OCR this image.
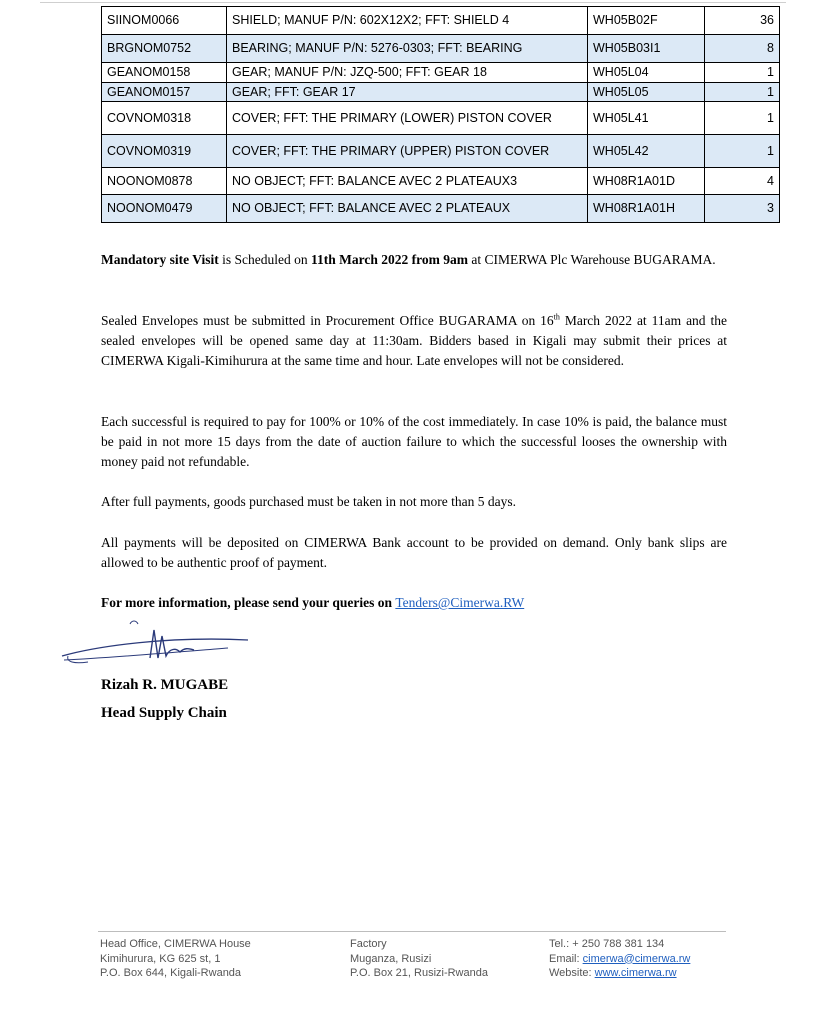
SIINOM0066	SHIELD; MANUF P/N: 602X12X2; FFT: SHIELD 4	WH05B02F	36
BRGNOM0752	BEARING; MANUF P/N: 5276-0303; FFT: BEARING	WH05B03I1	8
GEANOM0158	GEAR; MANUF P/N: JZQ-500; FFT: GEAR 18	WH05L04	1
GEANOM0157	GEAR; FFT: GEAR 17	WH05L05	1
COVNOM0318	COVER; FFT: THE PRIMARY (LOWER) PISTON COVER	WH05L41	1
COVNOM0319	COVER; FFT: THE PRIMARY (UPPER) PISTON COVER	WH05L42	1
NOONOM0878	NO OBJECT; FFT: BALANCE AVEC 2 PLATEAUX3	WH08R1A01D	4
NOONOM0479	NO OBJECT; FFT: BALANCE AVEC 2 PLATEAUX	WH08R1A01H	3

Mandatory site Visit is Scheduled on 11th March 2022 from 9am at CIMERWA Plc Warehouse BUGARAMA.

Sealed Envelopes must be submitted in Procurement Office BUGARAMA on 16th March 2022 at 11am and the sealed envelopes will be opened same day at 11:30am. Bidders based in Kigali may submit their prices at CIMERWA Kigali-Kimihurura at the same time and hour. Late envelopes will not be considered.

Each successful is required to pay for 100% or 10% of the cost immediately. In case 10% is paid, the balance must be paid in not more 15 days from the date of auction failure to which the successful looses the ownership with money paid not refundable.

After full payments, goods purchased must be taken in not more than 5 days.

All payments will be deposited on CIMERWA Bank account to be provided on demand. Only bank slips are allowed to be authentic proof of payment.

For more information, please send your queries on Tenders@Cimerwa.RW

Rizah R. MUGABE

Head Supply Chain

Head Office, CIMERWA House
Kimihurura, KG 625 st, 1
P.O. Box 644, Kigali-Rwanda
Factory
Muganza, Rusizi
P.O. Box 21, Rusizi-Rwanda
Tel.: + 250 788 381 134
Email: cimerwa@cimerwa.rw
Website: www.cimerwa.rw
